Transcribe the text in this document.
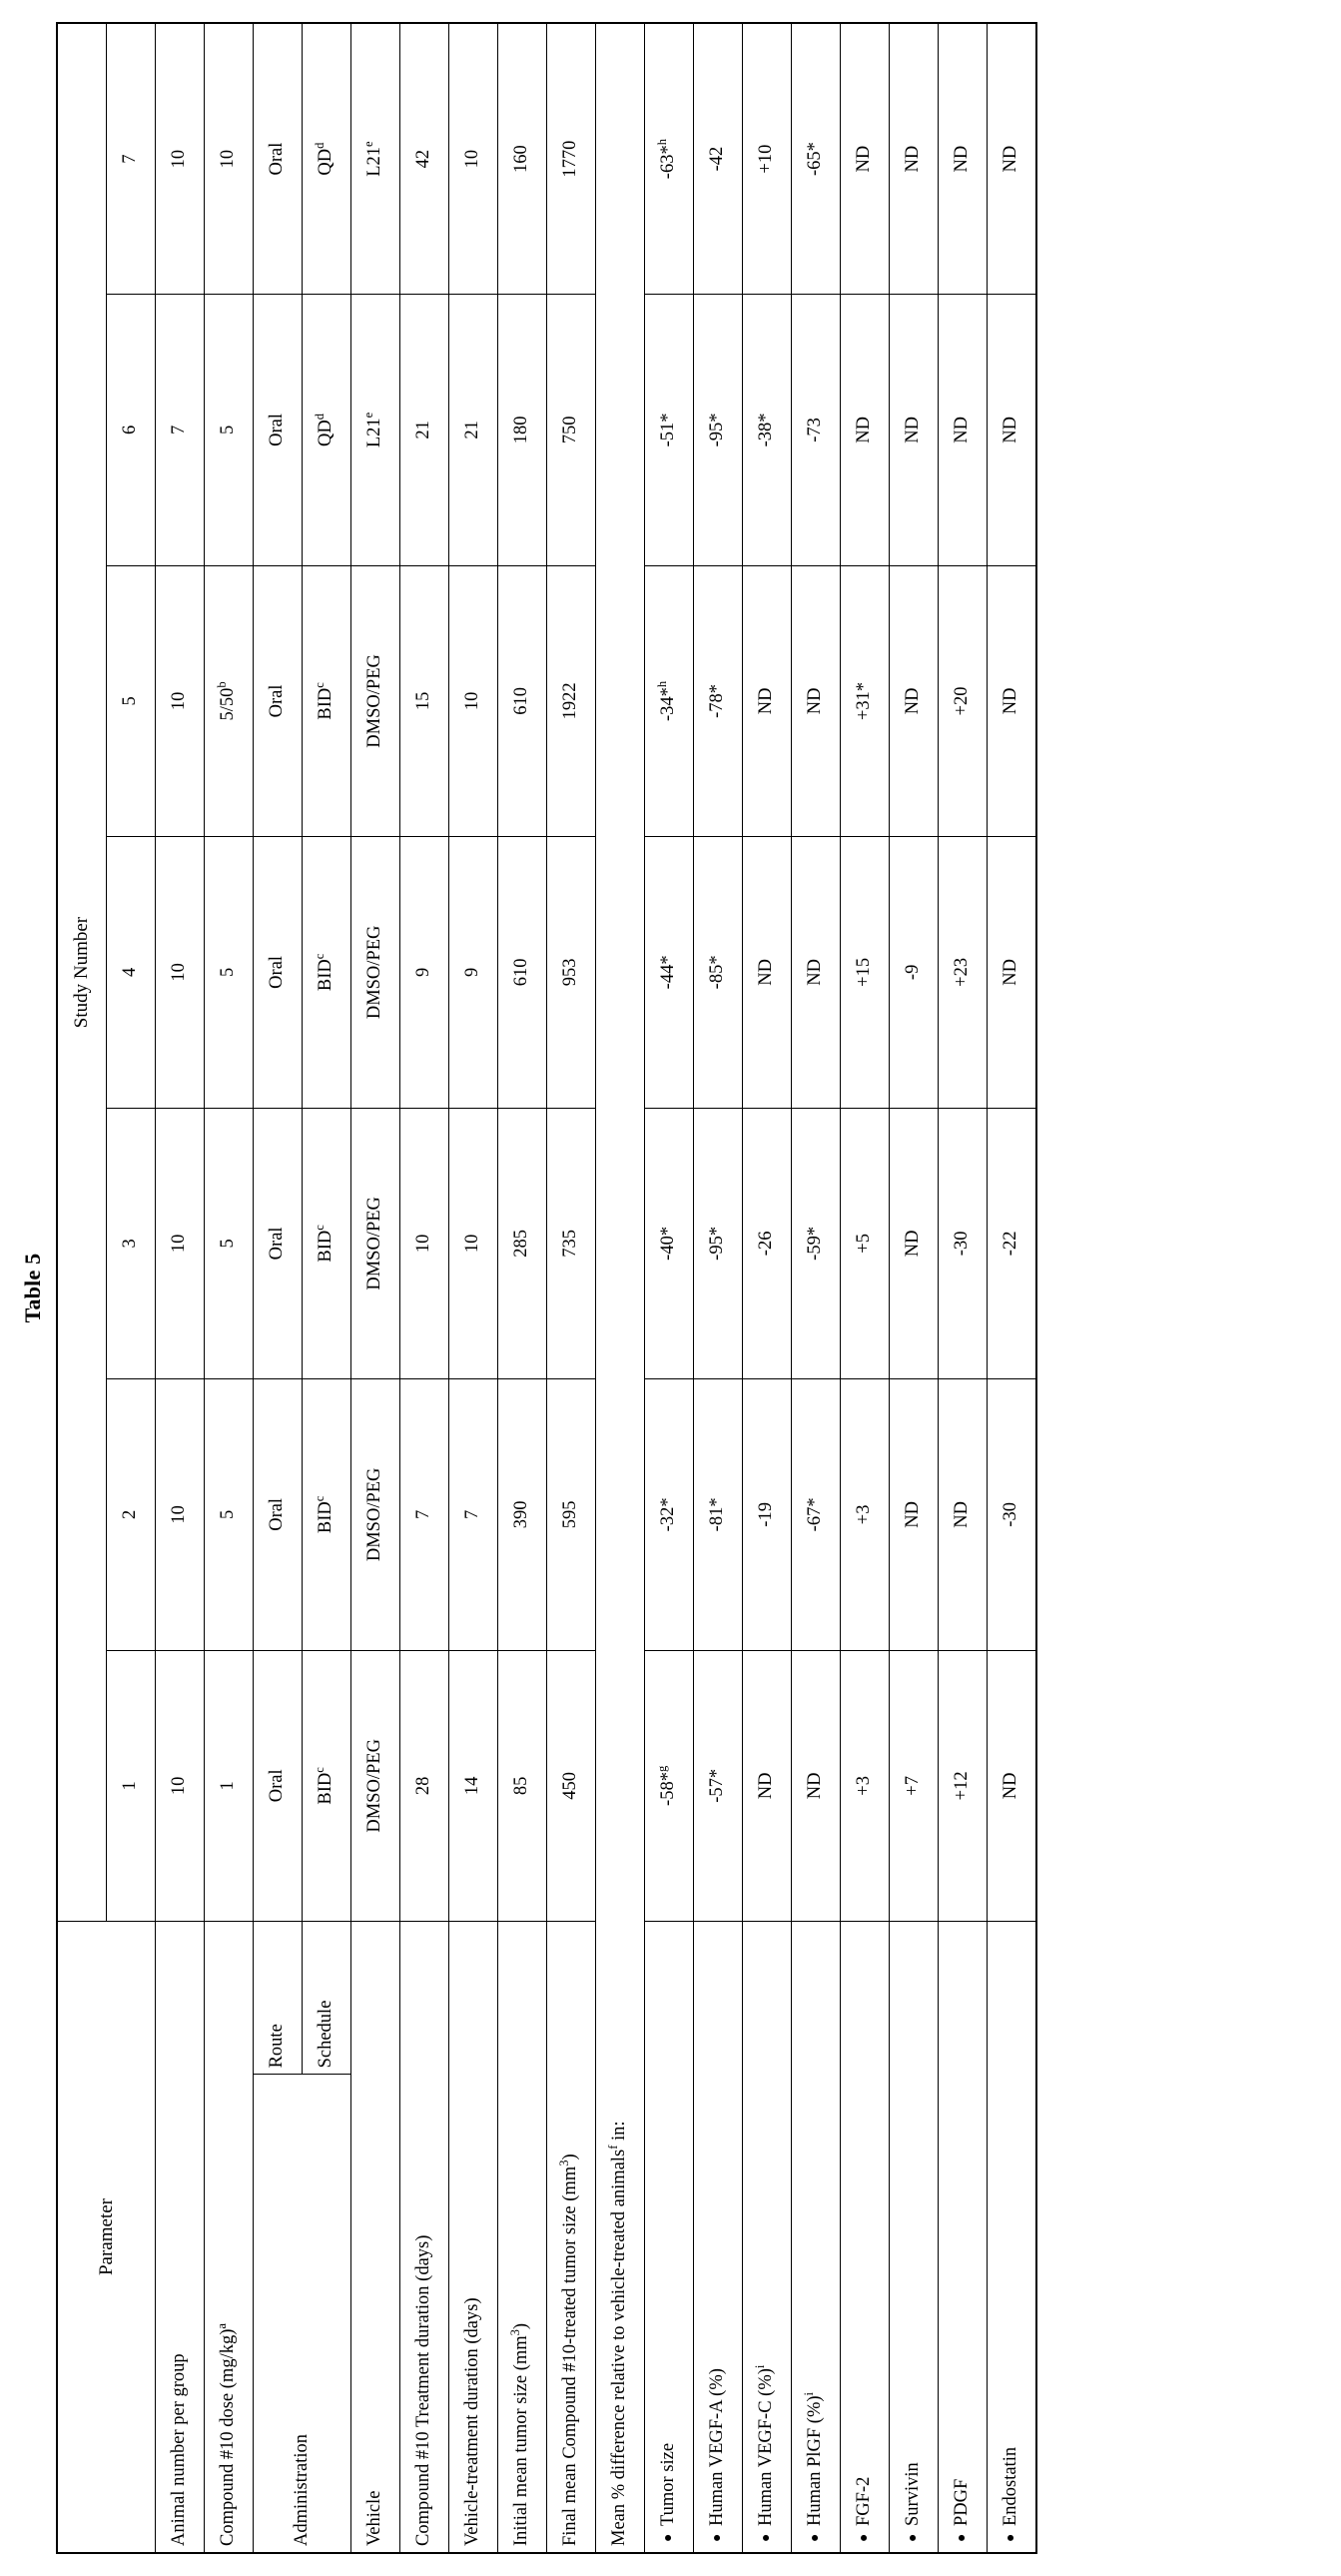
Table 5
Parameter		Study Number						
		1	2	3	4	5	6	7
Animal number per group		10	10	10	10	10	7	10
Compound #10 dose $(mg/kg)^a$		1	5	5	5	5/50$^b$	5	10
Administration	Route	Oral	Oral	Oral	Oral	Oral	Oral	Oral
	Schedule	BID$^c$	BID$^c$	BID$^c$	BID$^c$	BID$^c$	$QD^d$	$QD^d$
Vehicle		DMSO/PEG	DMSO/PEG	DMSO/PEG	DMSO/PEG	DMSO/PEG	L21e	L21e
Compound #10 Treatment duration (days)		28	7	10	9	15	21	42
Vehicle-treatment duration (days)		14	7	10	9	10	21	10
Initial mean tumor size $(mm^3)$		85	390	285	610	610	180	160
Final mean Compound #10-treated tumor size $(mm^3)$		450	595	735	953	1922	750	1770
Mean % difference relative to vehicle-treated animals$^f$ in:								

●
Tumor size		-58*$^g$	-32*	-40*	-44*	-34*$^h$	-51*	-63*$^h$

●
Human VEGF-A (%)		-57*	-81*	-95*	-85*	-78*	-95*	-42

●
Human VEGF-C (%)$^i$		ND	-19	-26	ND	ND	-38*	+10

●
Human PlGF (%)$^i$		ND	-67*	-59*	ND	ND	-73	-65*

●
FGF-2		+3	+3	+5	+15	+31*	ND	ND

●
Survivin		+7	ND	ND	-9	ND	ND	ND

●
PDGF		+12	ND	-30	+23	+20	ND	ND

●
Endostatin		ND	-30	-22	ND	ND	ND	ND
